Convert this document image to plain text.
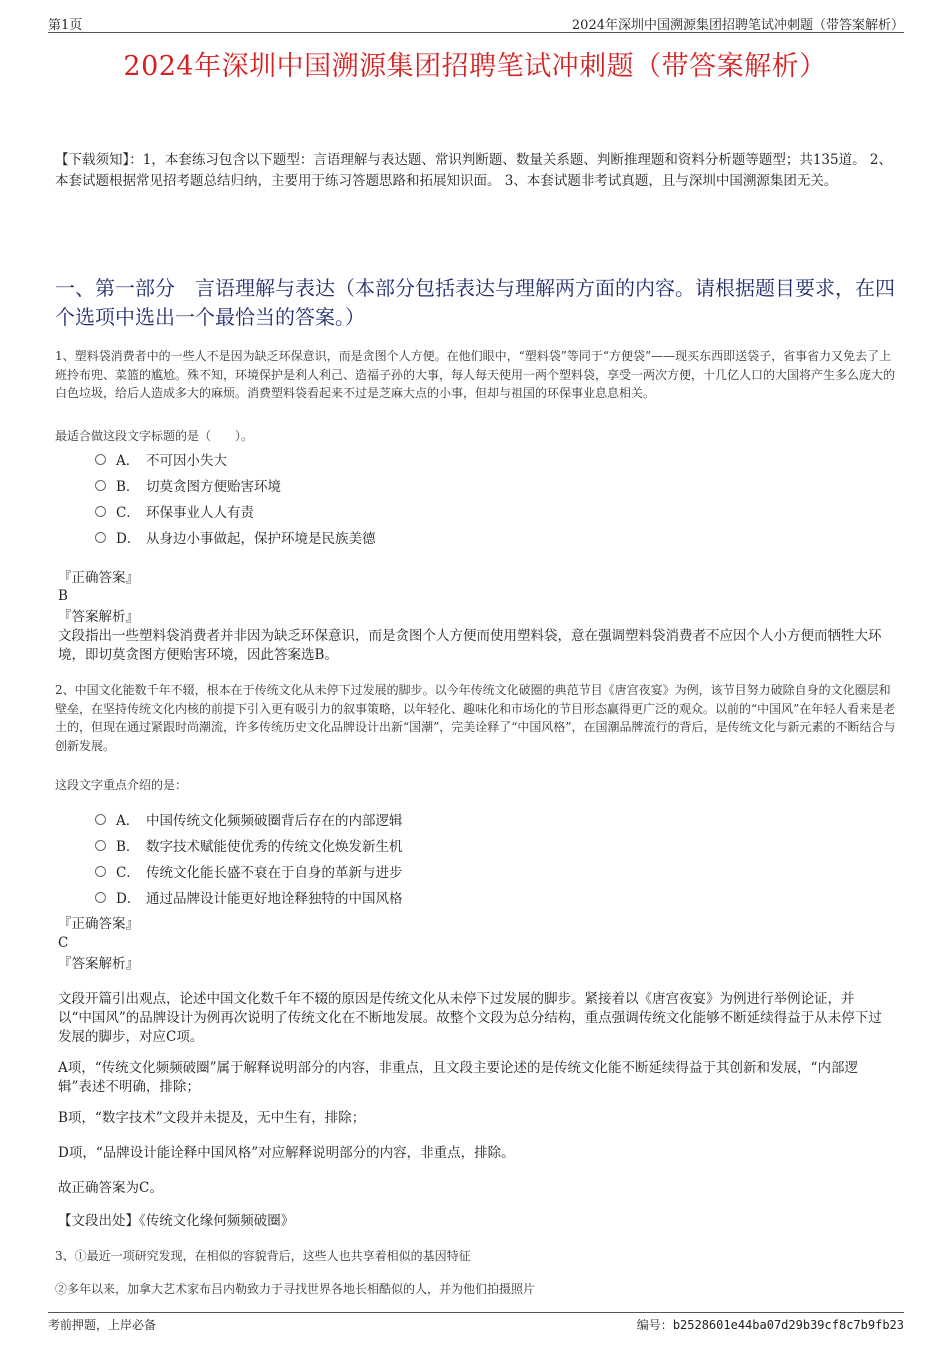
第1页	2024年深圳中国溯源集团招聘笔试冲刺题（带答案解析）
2024年深圳中国溯源集团招聘笔试冲刺题（带答案解析）
【下载须知】：1，本套练习包含以下题型：言语理解与表达题、常识判断题、数量关系题、判断推理题和资料分析题等题型；共135道。 2、本套试题根据常见招考题总结归纳，主要用于练习答题思路和拓展知识面。 3、本套试题非考试真题，且与深圳中国溯源集团无关。
一、第一部分　言语理解与表达（本部分包括表达与理解两方面的内容。请根据题目要求，在四个选项中选出一个最恰当的答案。）
1、塑料袋消费者中的一些人不是因为缺乏环保意识，而是贪图个人方便。在他们眼中，“塑料袋”等同于“方便袋”——现买东西即送袋子，省事省力又免去了上班拎布兜、菜篮的尴尬。殊不知，环境保护是利人利己、造福子孙的大事，每人每天使用一两个塑料袋，享受一两次方便，十几亿人口的大国将产生多么庞大的白色垃圾，给后人造成多大的麻烦。消费塑料袋看起来不过是芝麻大点的小事，但却与祖国的环保事业息息相关。
最适合做这段文字标题的是（　　）。
A． 不可因小失大
B． 切莫贪图方便贻害环境
C． 环保事业人人有责
D． 从身边小事做起，保护环境是民族美德
『正确答案』
B
『答案解析』
文段指出一些塑料袋消费者并非因为缺乏环保意识，而是贪图个人方便而使用塑料袋，意在强调塑料袋消费者不应因个人小方便而牺牲大环境，即切莫贪图方便贻害环境，因此答案选B。
2、中国文化能数千年不辍，根本在于传统文化从未停下过发展的脚步。以今年传统文化破圈的典范节目《唐宫夜宴》为例，该节目努力破除自身的文化圈层和壁垒，在坚持传统文化内核的前提下引入更有吸引力的叙事策略，以年轻化、趣味化和市场化的节目形态赢得更广泛的观众。以前的“中国风”在年轻人看来是老土的，但现在通过紧跟时尚潮流，许多传统历史文化品牌设计出新“国潮”，完美诠释了“中国风格”，在国潮品牌流行的背后，是传统文化与新元素的不断结合与创新发展。
这段文字重点介绍的是：
A． 中国传统文化频频破圈背后存在的内部逻辑
B． 数字技术赋能使优秀的传统文化焕发新生机
C． 传统文化能长盛不衰在于自身的革新与进步
D． 通过品牌设计能更好地诠释独特的中国风格
『正确答案』
C
『答案解析』
文段开篇引出观点，论述中国文化数千年不辍的原因是传统文化从未停下过发展的脚步。紧接着以《唐宫夜宴》为例进行举例论证，并以“中国风”的品牌设计为例再次说明了传统文化在不断地发展。故整个文段为总分结构，重点强调传统文化能够不断延续得益于从未停下过发展的脚步，对应C项。
A项，“传统文化频频破圈”属于解释说明部分的内容，非重点，且文段主要论述的是传统文化能不断延续得益于其创新和发展，“内部逻辑”表述不明确，排除；
B项，“数字技术”文段并未提及，无中生有，排除；
D项，“品牌设计能诠释中国风格”对应解释说明部分的内容，非重点，排除。
故正确答案为C。
【文段出处】《传统文化缘何频频破圈》
3、①最近一项研究发现，在相似的容貌背后，这些人也共享着相似的基因特征
②多年以来，加拿大艺术家布吕内勒致力于寻找世界各地长相酷似的人，并为他们拍摄照片
考前押题，上岸必备	编号：b2528601e44ba07d29b39cf8c7b9fb23
